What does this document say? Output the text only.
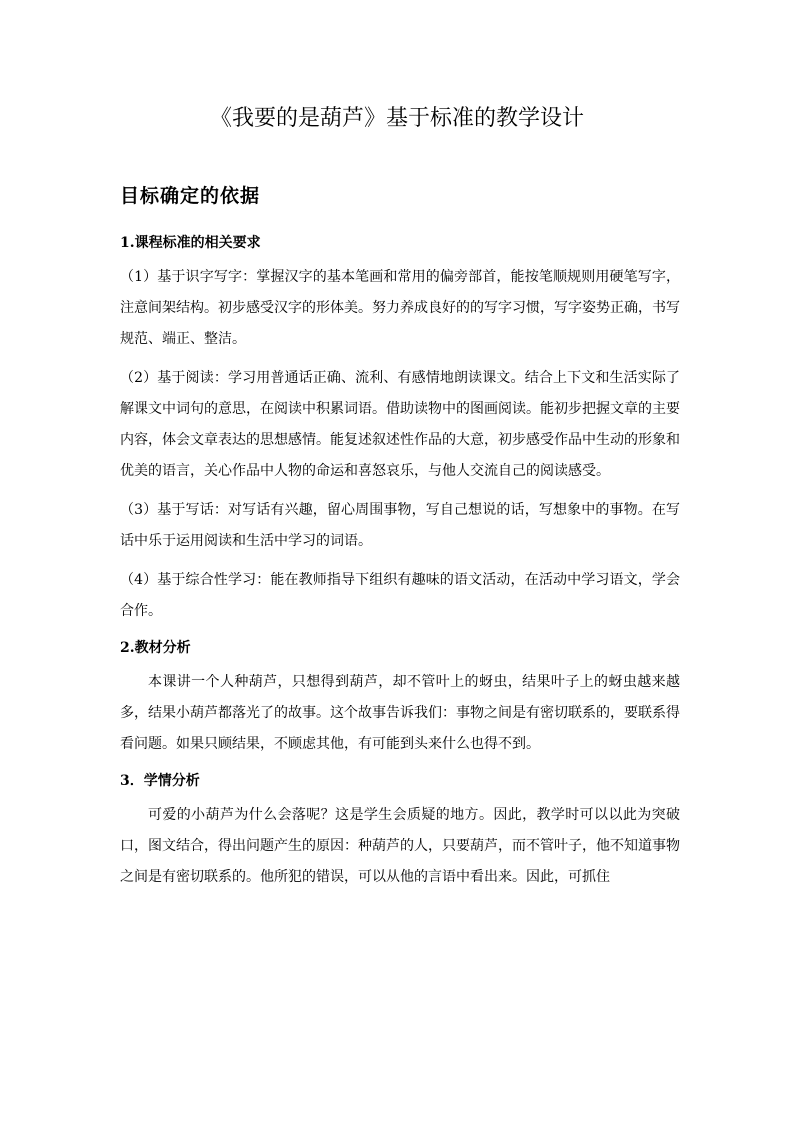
《我要的是葫芦》基于标准的教学设计
目标确定的依据
1.课程标准的相关要求

（1）基于识字写字：掌握汉字的基本笔画和常用的偏旁部首，能按笔顺规则用硬笔写字，注意间架结构。初步感受汉字的形体美。努力养成良好的的写字习惯，写字姿势正确，书写规范、端正、整洁。

（2）基于阅读：学习用普通话正确、流利、有感情地朗读课文。结合上下文和生活实际了解课文中词句的意思，在阅读中积累词语。借助读物中的图画阅读。能初步把握文章的主要内容，体会文章表达的思想感情。能复述叙述性作品的大意，初步感受作品中生动的形象和优美的语言，关心作品中人物的命运和喜怒哀乐，与他人交流自己的阅读感受。

（3）基于写话：对写话有兴趣，留心周围事物，写自己想说的话，写想象中的事物。在写话中乐于运用阅读和生活中学习的词语。

（4）基于综合性学习：能在教师指导下组织有趣味的语文活动，在活动中学习语文，学会合作。

2.教材分析

本课讲一个人种葫芦，只想得到葫芦，却不管叶上的蚜虫，结果叶子上的蚜虫越来越多，结果小葫芦都落光了的故事。这个故事告诉我们：事物之间是有密切联系的，要联系得看问题。如果只顾结果，不顾虑其他，有可能到头来什么也得不到。

3．学情分析

可爱的小葫芦为什么会落呢？这是学生会质疑的地方。因此，教学时可以以此为突破口，图文结合，得出问题产生的原因：种葫芦的人，只要葫芦，而不管叶子，他不知道事物之间是有密切联系的。他所犯的错误，可以从他的言语中看出来。因此，可抓住
